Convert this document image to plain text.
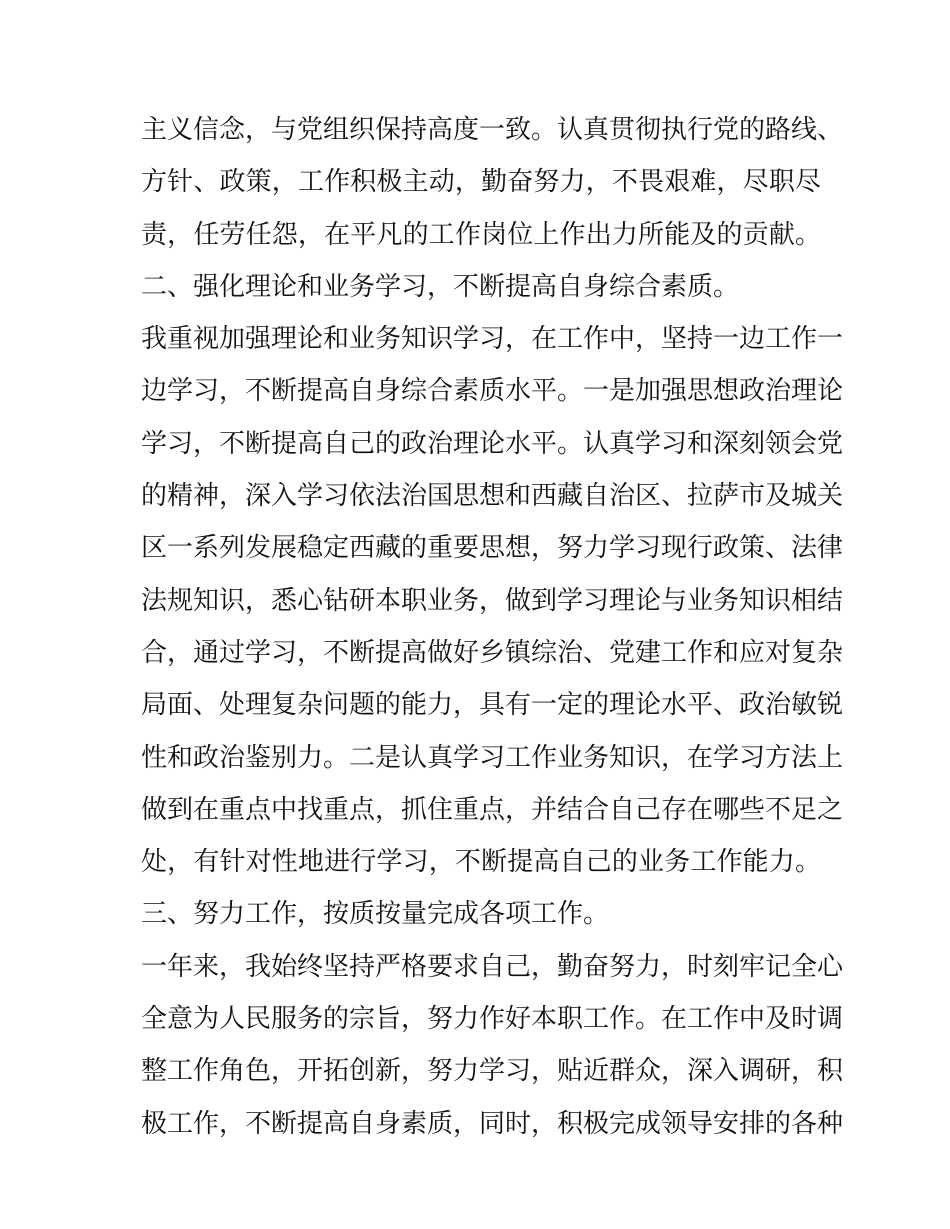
主义信念，与党组织保持高度一致。认真贯彻执行党的路线、
方针、政策，工作积极主动，勤奋努力，不畏艰难，尽职尽
责，任劳任怨，在平凡的工作岗位上作出力所能及的贡献。
二、强化理论和业务学习，不断提高自身综合素质。
我重视加强理论和业务知识学习，在工作中，坚持一边工作一
边学习，不断提高自身综合素质水平。一是加强思想政治理论
学习，不断提高自己的政治理论水平。认真学习和深刻领会党
的精神，深入学习依法治国思想和西藏自治区、拉萨市及城关
区一系列发展稳定西藏的重要思想，努力学习现行政策、法律
法规知识，悉心钻研本职业务，做到学习理论与业务知识相结
合，通过学习，不断提高做好乡镇综治、党建工作和应对复杂
局面、处理复杂问题的能力，具有一定的理论水平、政治敏锐
性和政治鉴别力。二是认真学习工作业务知识，在学习方法上
做到在重点中找重点，抓住重点，并结合自己存在哪些不足之
处，有针对性地进行学习，不断提高自己的业务工作能力。
三、努力工作，按质按量完成各项工作。
一年来，我始终坚持严格要求自己，勤奋努力，时刻牢记全心
全意为人民服务的宗旨，努力作好本职工作。在工作中及时调
整工作角色，开拓创新，努力学习，贴近群众，深入调研，积
极工作，不断提高自身素质，同时，积极完成领导安排的各种
